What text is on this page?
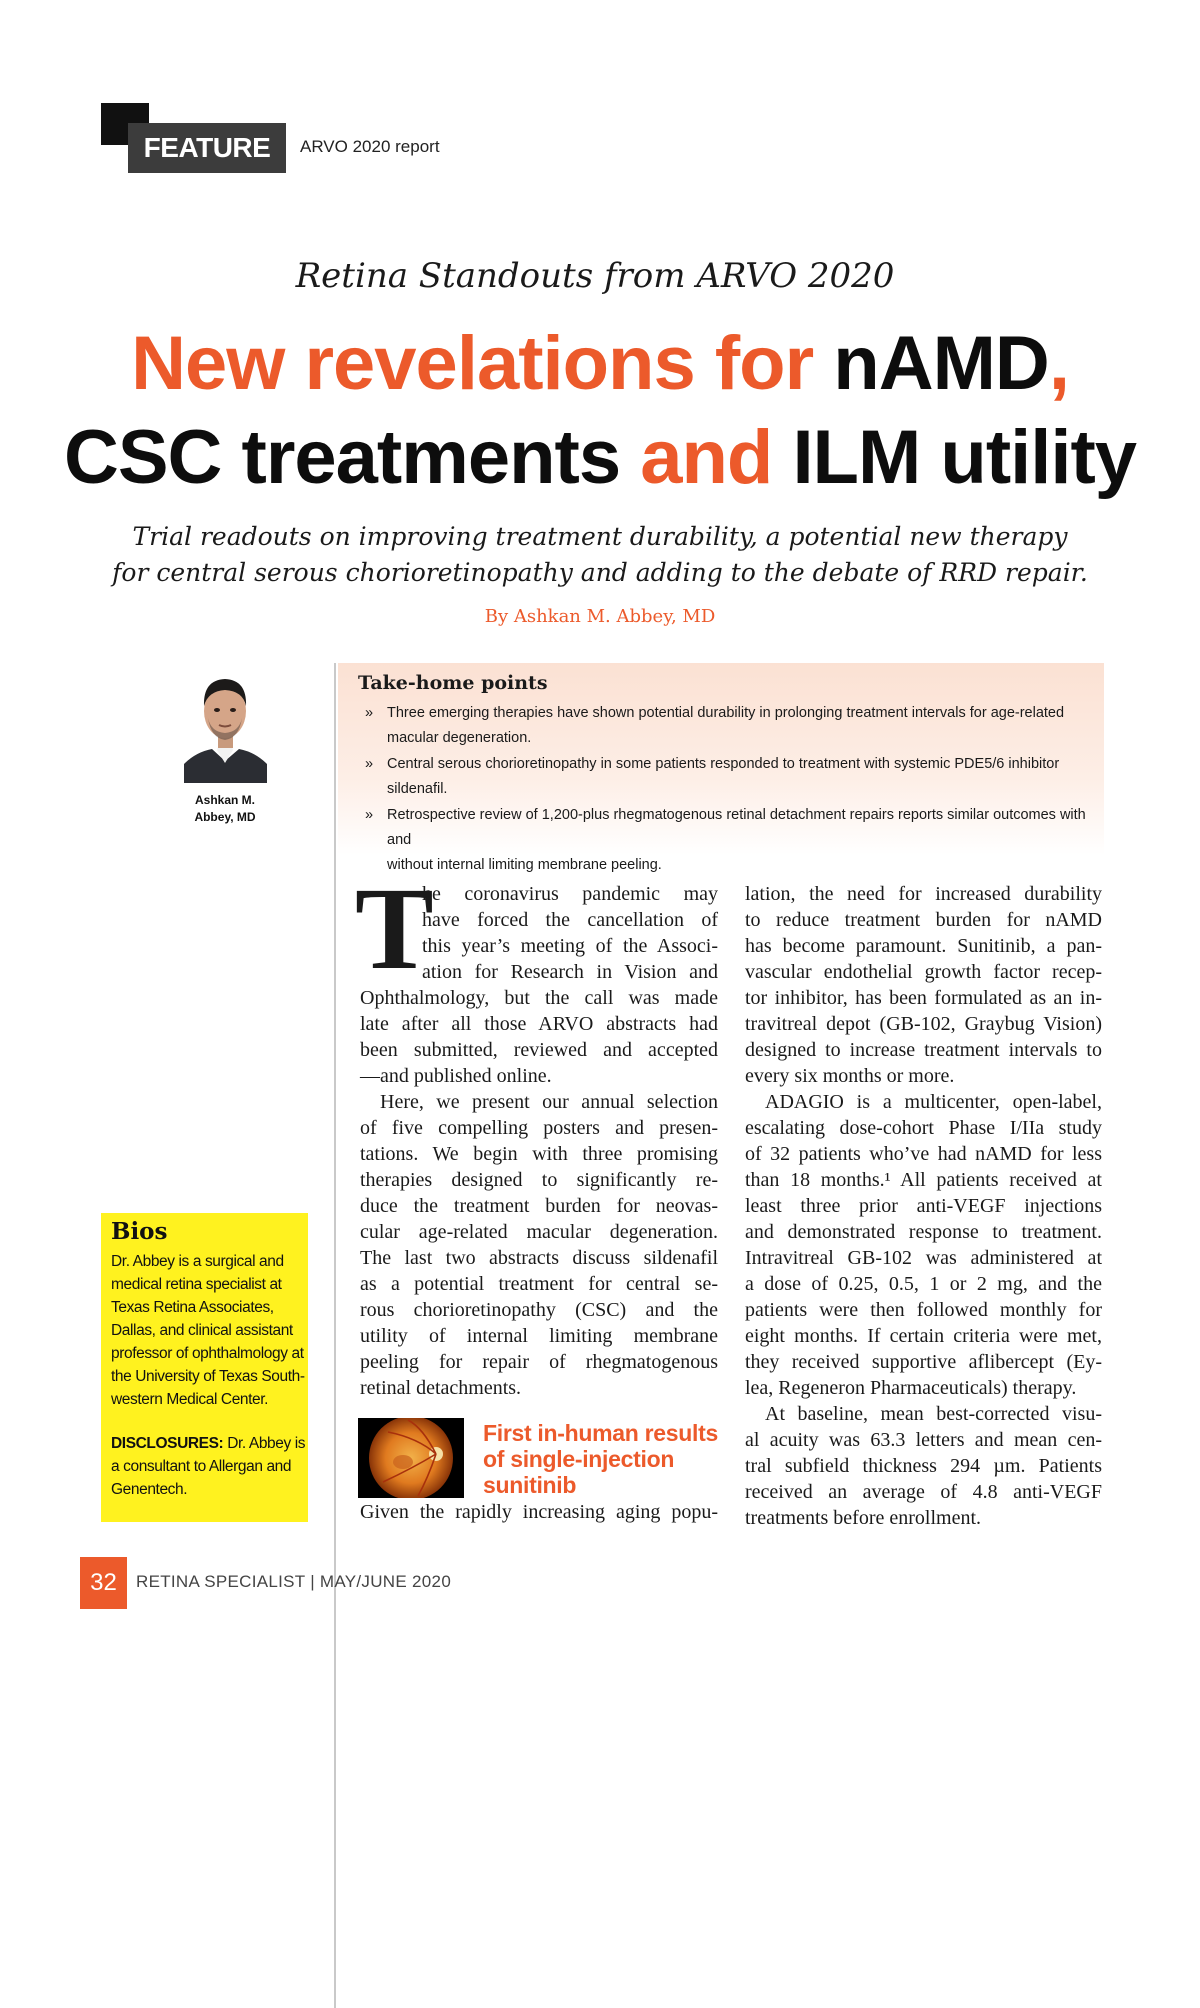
FEATURE ARVO 2020 report
Retina Standouts from ARVO 2020
New revelations for nAMD,
CSC treatments and ILM utility
Trial readouts on improving treatment durability, a potential new therapy
for central serous chorioretinopathy and adding to the debate of RRD repair.
By Ashkan M. Abbey, MD
Ashkan M.
Abbey, MD
Take-home points
» Three emerging therapies have shown potential durability in prolonging treatment intervals for age-related
macular degeneration.
» Central serous chorioretinopathy in some patients responded to treatment with systemic PDE5/6 inhibitor
sildenafil.
» Retrospective review of 1,200-plus rhegmatogenous retinal detachment repairs reports similar outcomes with and
without internal limiting membrane peeling.
T
he coronavirus pandemic may
have forced the cancellation of
this year’s meeting of the Associ-
ation for Research in Vision and
Ophthalmology, but the call was made
late after all those ARVO abstracts had
been submitted, reviewed and accepted
—and published online.
Here, we present our annual selection
of five compelling posters and presen-
tations. We begin with three promising
therapies designed to significantly re-
duce the treatment burden for neovas-
cular age-related macular degeneration.
The last two abstracts discuss sildenafil
as a potential treatment for central se-
rous chorioretinopathy (CSC) and the
utility of internal limiting membrane
peeling for repair of rhegmatogenous
retinal detachments.
First in-human results
of single-injection
sunitinib
Given the rapidly increasing aging popu-
lation, the need for increased durability
to reduce treatment burden for nAMD
has become paramount. Sunitinib, a pan-
vascular endothelial growth factor recep-
tor inhibitor, has been formulated as an in-
travitreal depot (GB-102, Graybug Vision)
designed to increase treatment intervals to
every six months or more.
ADAGIO is a multicenter, open-label,
escalating dose-cohort Phase I/IIa study
of 32 patients who’ve had nAMD for less
than 18 months.¹ All patients received at
least three prior anti-VEGF injections
and demonstrated response to treatment.
Intravitreal GB-102 was administered at
a dose of 0.25, 0.5, 1 or 2 mg, and the
patients were then followed monthly for
eight months. If certain criteria were met,
they received supportive aflibercept (Ey-
lea, Regeneron Pharmaceuticals) therapy.
At baseline, mean best-corrected visu-
al acuity was 63.3 letters and mean cen-
tral subfield thickness 294 µm. Patients
received an average of 4.8 anti-VEGF
treatments before enrollment.
Bios
Dr. Abbey is a surgical and
medical retina specialist at
Texas Retina Associates,
Dallas, and clinical assistant
professor of ophthalmology at
the University of Texas South-
western Medical Center.
DISCLOSURES: Dr. Abbey is
a consultant to Allergan and
Genentech.
32 RETINA SPECIALIST | MAY/JUNE 2020
